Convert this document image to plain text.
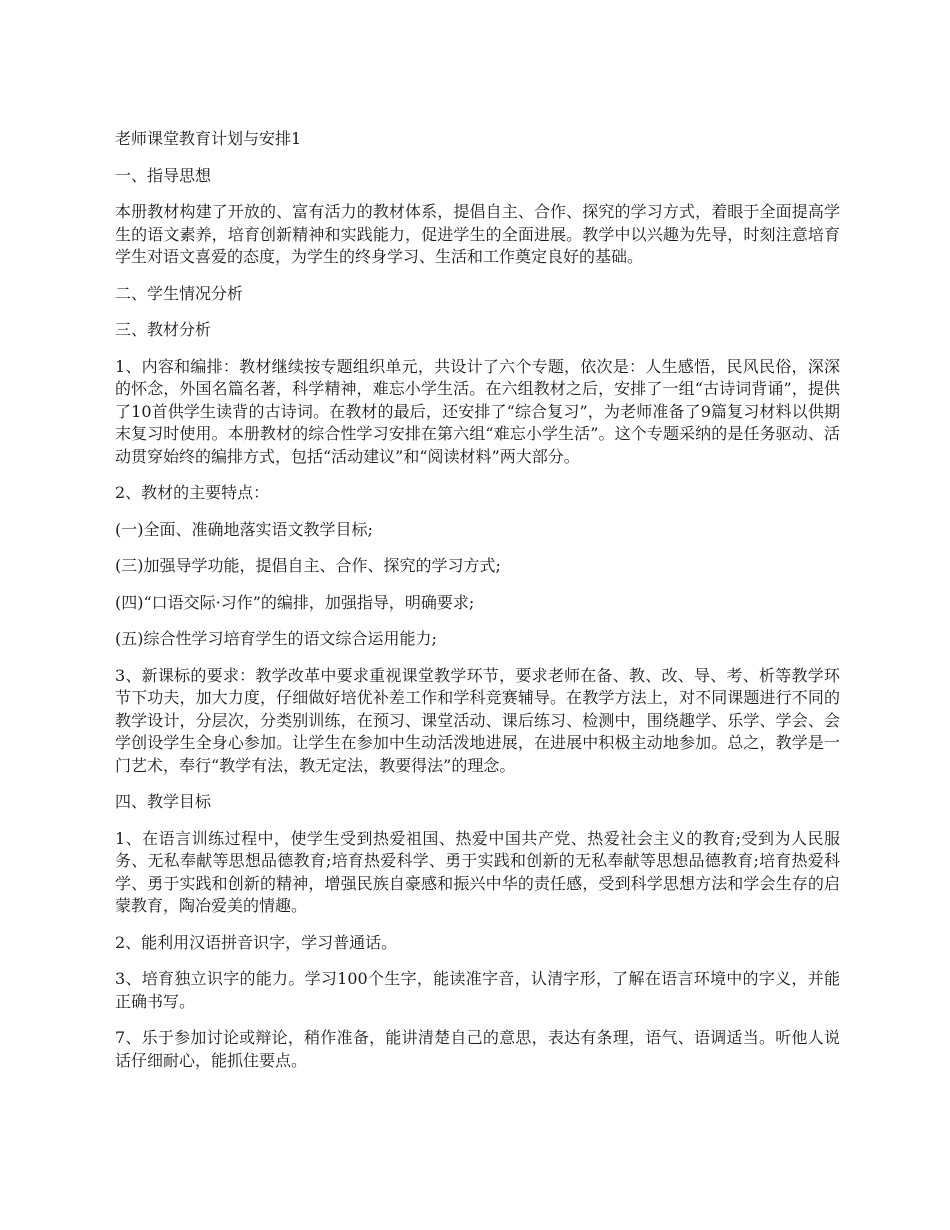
老师课堂教育计划与安排1

一、指导思想

本册教材构建了开放的、富有活力的教材体系，提倡自主、合作、探究的学习方式，着眼于全面提高学生的语文素养，培育创新精神和实践能力，促进学生的全面进展。教学中以兴趣为先导，时刻注意培育学生对语文喜爱的态度，为学生的终身学习、生活和工作奠定良好的基础。

二、学生情况分析

三、教材分析

1、内容和编排：教材继续按专题组织单元，共设计了六个专题，依次是：人生感悟，民风民俗，深深的怀念，外国名篇名著，科学精神，难忘小学生活。在六组教材之后，安排了一组“古诗词背诵”，提供了10首供学生读背的古诗词。在教材的最后，还安排了“综合复习”，为老师准备了9篇复习材料以供期末复习时使用。本册教材的综合性学习安排在第六组“难忘小学生活”。这个专题采纳的是任务驱动、活动贯穿始终的编排方式，包括“活动建议”和“阅读材料”两大部分。

2、教材的主要特点：

(一)全面、准确地落实语文教学目标;

(三)加强导学功能，提倡自主、合作、探究的学习方式;

(四)“口语交际·习作”的编排，加强指导，明确要求;

(五)综合性学习培育学生的语文综合运用能力;

3、新课标的要求：教学改革中要求重视课堂教学环节，要求老师在备、教、改、导、考、析等教学环节下功夫，加大力度，仔细做好培优补差工作和学科竞赛辅导。在教学方法上，对不同课题进行不同的教学设计，分层次，分类别训练，在预习、课堂活动、课后练习、检测中，围绕趣学、乐学、学会、会学创设学生全身心参加。让学生在参加中生动活泼地进展，在进展中积极主动地参加。总之，教学是一门艺术，奉行“教学有法，教无定法，教要得法”的理念。

四、教学目标

1、在语言训练过程中，使学生受到热爱祖国、热爱中国共产党、热爱社会主义的教育;受到为人民服务、无私奉献等思想品德教育;培育热爱科学、勇于实践和创新的无私奉献等思想品德教育;培育热爱科学、勇于实践和创新的精神，增强民族自豪感和振兴中华的责任感，受到科学思想方法和学会生存的启蒙教育，陶冶爱美的情趣。

2、能利用汉语拼音识字，学习普通话。

3、培育独立识字的能力。学习100个生字，能读准字音，认清字形，了解在语言环境中的字义，并能正确书写。

7、乐于参加讨论或辩论，稍作准备，能讲清楚自己的意思，表达有条理，语气、语调适当。听他人说话仔细耐心，能抓住要点。
